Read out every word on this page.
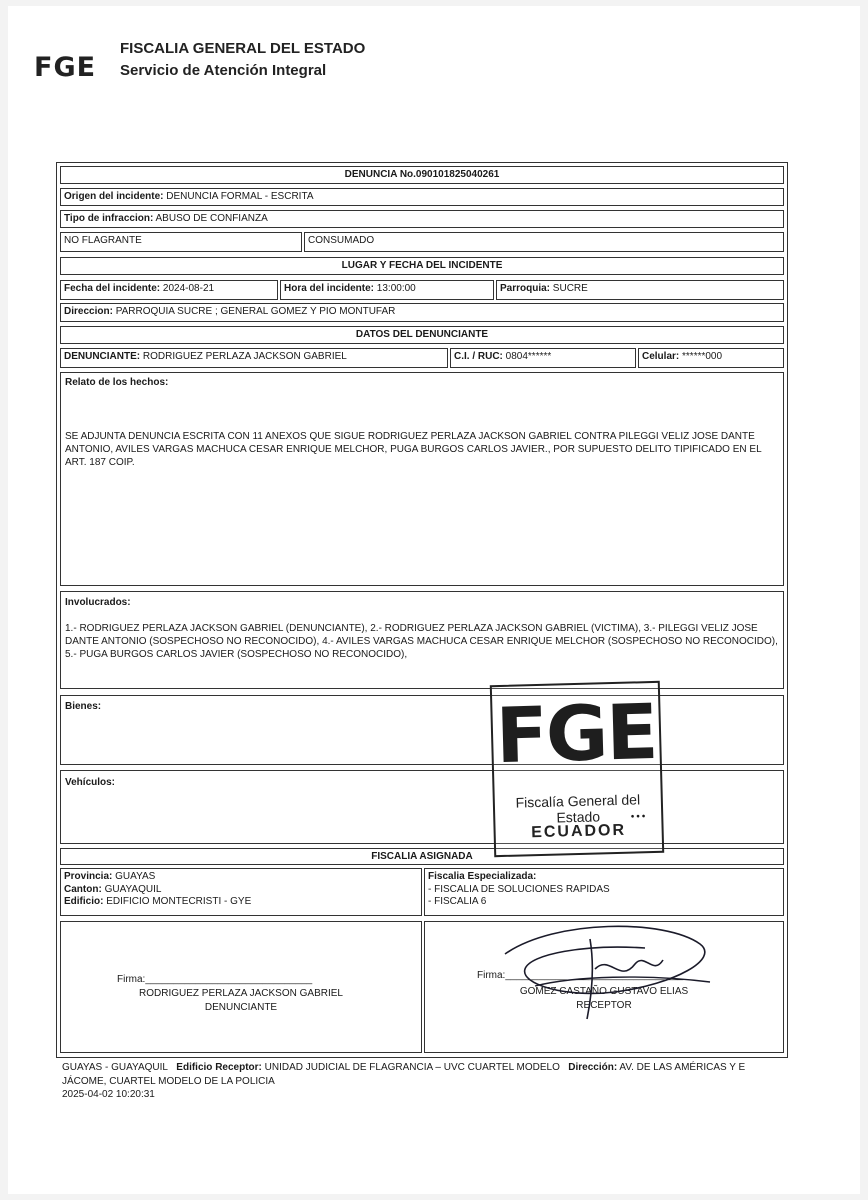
FGE
FISCALIA GENERAL DEL ESTADO
Servicio de Atención Integral
DENUNCIA No.090101825040261
Origen del incidente: DENUNCIA FORMAL - ESCRITA
Tipo de infraccion: ABUSO DE CONFIANZA
NO FLAGRANTE	CONSUMADO
LUGAR Y FECHA DEL INCIDENTE
Fecha del incidente: 2024-08-21	Hora del incidente: 13:00:00	Parroquia: SUCRE
Direccion: PARROQUIA SUCRE ; GENERAL GOMEZ Y PIO MONTUFAR
DATOS DEL DENUNCIANTE
DENUNCIANTE: RODRIGUEZ PERLAZA JACKSON GABRIEL	C.I. / RUC: 0804******	Celular: ******000
Relato de los hechos:
SE ADJUNTA DENUNCIA ESCRITA CON 11 ANEXOS QUE SIGUE RODRIGUEZ PERLAZA JACKSON GABRIEL CONTRA PILEGGI VELIZ JOSE DANTE ANTONIO, AVILES VARGAS MACHUCA CESAR ENRIQUE MELCHOR, PUGA BURGOS CARLOS JAVIER., POR SUPUESTO DELITO TIPIFICADO EN EL ART. 187 COIP.
Involucrados:
1.- RODRIGUEZ PERLAZA JACKSON GABRIEL (DENUNCIANTE), 2.- RODRIGUEZ PERLAZA JACKSON GABRIEL (VICTIMA), 3.- PILEGGI VELIZ JOSE DANTE ANTONIO (SOSPECHOSO NO RECONOCIDO), 4.- AVILES VARGAS MACHUCA CESAR ENRIQUE MELCHOR (SOSPECHOSO NO RECONOCIDO), 5.- PUGA BURGOS CARLOS JAVIER (SOSPECHOSO NO RECONOCIDO),
Bienes:
Vehículos:
FISCALIA ASIGNADA
Provincia: GUAYAS
Canton: GUAYAQUIL
Edificio: EDIFICIO MONTECRISTI - GYE
Fiscalia Especializada:
- FISCALIA DE SOLUCIONES RAPIDAS
- FISCALIA 6
Firma:______________________________
RODRIGUEZ PERLAZA JACKSON GABRIEL
DENUNCIANTE
Firma:________________________________
GOMEZ CASTAÑO GUSTAVO ELIAS
RECEPTOR
FGE
Fiscalía General del Estado	•••
ECUADOR
GUAYAS - GUAYAQUIL Edificio Receptor: UNIDAD JUDICIAL DE FLAGRANCIA – UVC CUARTEL MODELO Dirección: AV. DE LAS AMÉRICAS Y E JÁCOME, CUARTEL MODELO DE LA POLICIA
2025-04-02 10:20:31
